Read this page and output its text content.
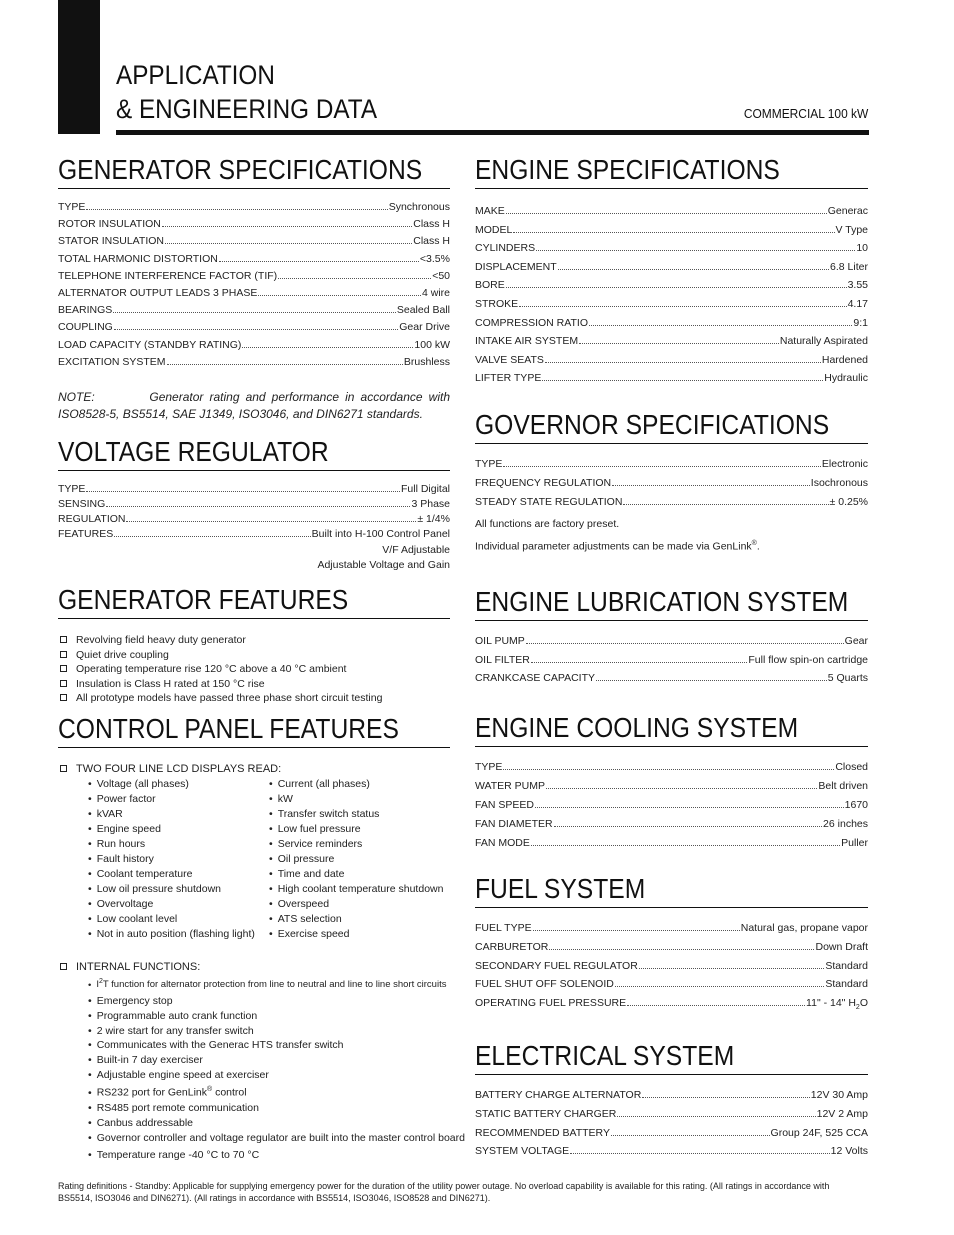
APPLICATION
& ENGINEERING DATA	COMMERCIAL 100 kW
GENERATOR SPECIFICATIONS
TYPE	Synchronous
ROTOR INSULATION	Class H
STATOR INSULATION	Class H
TOTAL HARMONIC DISTORTION	<3.5%
TELEPHONE INTERFERENCE FACTOR (TIF)	<50
ALTERNATOR OUTPUT LEADS 3 PHASE	4 wire
BEARINGS	Sealed Ball
COUPLING	Gear Drive
LOAD CAPACITY (STANDBY RATING)	100 kW
EXCITATION SYSTEM	Brushless
NOTE:         Generator rating and performance in accordance with ISO8528-5, BS5514, SAE J1349, ISO3046, and DIN6271 standards.
VOLTAGE REGULATOR
TYPE	Full Digital
SENSING	3 Phase
REGULATION	± 1/4%
FEATURES	Built into H-100 Control Panel
V/F Adjustable
Adjustable Voltage and Gain
GENERATOR FEATURES
Revolving field heavy duty generator
Quiet drive coupling
Operating temperature rise 120 °C above a 40 °C ambient
Insulation is Class H rated at 150 °C rise
All prototype models have passed three phase short circuit testing
CONTROL PANEL FEATURES
TWO FOUR LINE LCD DISPLAYS READ:
• Voltage (all phases)
• Power factor
• kVAR
• Engine speed
• Run hours
• Fault history
• Coolant temperature
• Low oil pressure shutdown
• Overvoltage
• Low coolant level
• Not in auto position (flashing light)
• Current (all phases)
• kW
• Transfer switch status
• Low fuel pressure
• Service reminders
• Oil pressure
• Time and date
• High coolant temperature shutdown
• Overspeed
• ATS selection
• Exercise speed
INTERNAL FUNCTIONS:
• $I^2T$ function for alternator protection from line to neutral and line to line short circuits
• Emergency stop
• Programmable auto crank function
• 2 wire start for any transfer switch
• Communicates with the Generac HTS transfer switch
• Built-in 7 day exerciser
• Adjustable engine speed at exerciser
• RS232 port for GenLink® control
• RS485 port remote communication
• Canbus addressable
• Governor controller and voltage regulator are built into the master control board
• Temperature range -40 °C to 70 °C
ENGINE SPECIFICATIONS
MAKE	Generac
MODEL	V Type
CYLINDERS	10
DISPLACEMENT	6.8 Liter
BORE	3.55
STROKE	4.17
COMPRESSION RATIO	9:1
INTAKE AIR SYSTEM	Naturally Aspirated
VALVE SEATS	Hardened
LIFTER TYPE	Hydraulic
GOVERNOR SPECIFICATIONS
TYPE	Electronic
FREQUENCY REGULATION	Isochronous
STEADY STATE REGULATION	± 0.25%
All functions are factory preset.
Individual parameter adjustments can be made via GenLink®.
ENGINE LUBRICATION SYSTEM
OIL PUMP	Gear
OIL FILTER	Full flow spin-on cartridge
CRANKCASE CAPACITY	5 Quarts
ENGINE COOLING SYSTEM
TYPE	Closed
WATER PUMP	Belt driven
FAN SPEED	1670
FAN DIAMETER	26 inches
FAN MODE	Puller
FUEL SYSTEM
FUEL TYPE	Natural gas, propane vapor
CARBURETOR	Down Draft
SECONDARY FUEL REGULATOR	Standard
FUEL SHUT OFF SOLENOID	Standard
OPERATING FUEL PRESSURE	11" - 14" $H_2O$
ELECTRICAL SYSTEM
BATTERY CHARGE ALTERNATOR	12V 30 Amp
STATIC BATTERY CHARGER	12V 2 Amp
RECOMMENDED BATTERY	Group 24F, 525 CCA
SYSTEM VOLTAGE	12 Volts
Rating definitions - Standby: Applicable for supplying emergency power for the duration of the utility power outage. No overload capability is available for this rating. (All ratings in accordance with BS5514, ISO3046 and DIN6271). (All ratings in accordance with BS5514, ISO3046, ISO8528 and DIN6271).
